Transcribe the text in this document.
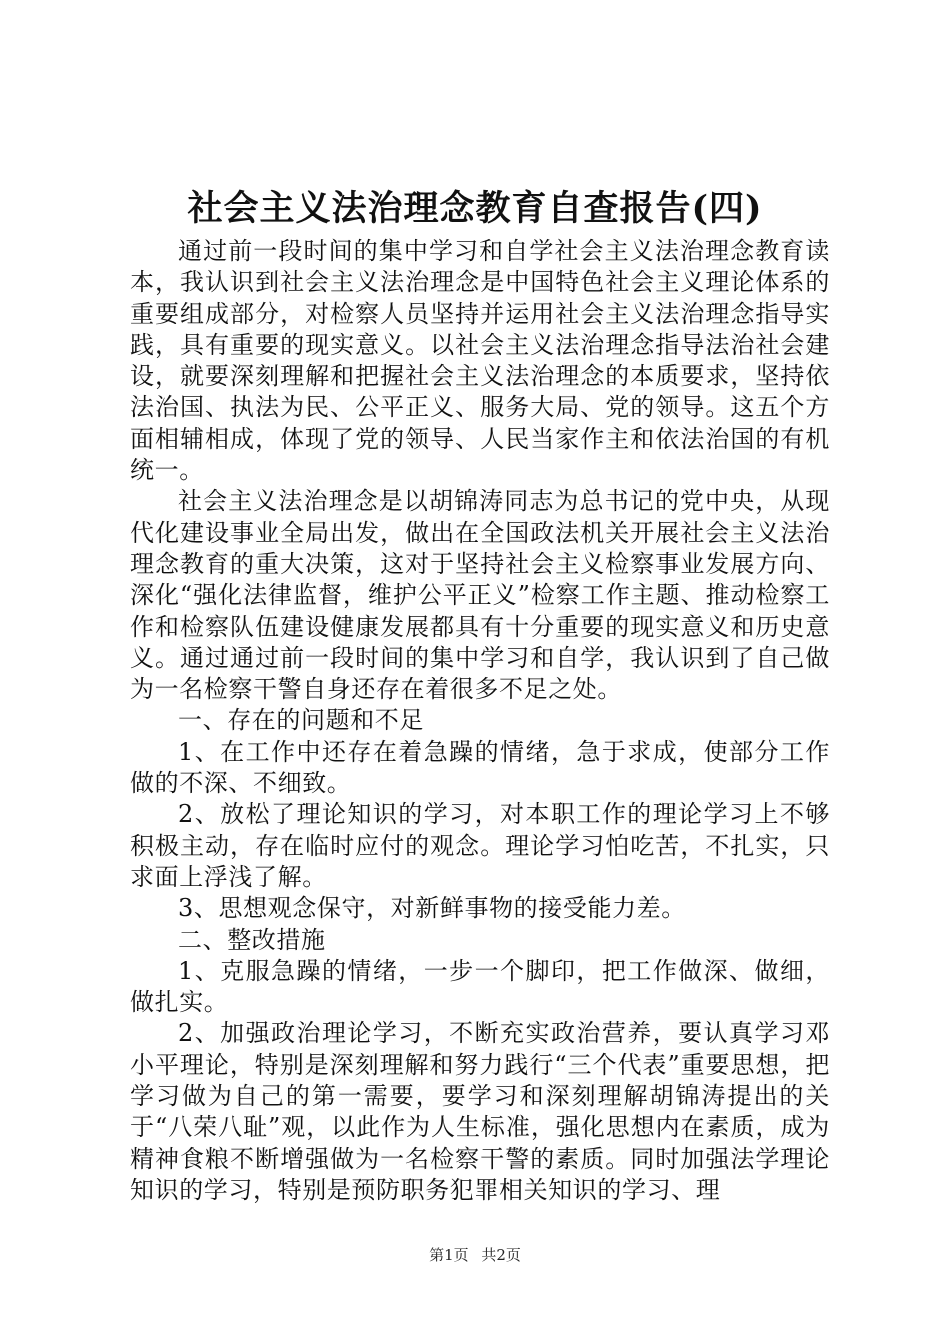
社会主义法治理念教育自查报告(四)

通过前一段时间的集中学习和自学社会主义法治理念教育读本，我认识到社会主义法治理念是中国特色社会主义理论体系的重要组成部分，对检察人员坚持并运用社会主义法治理念指导实践，具有重要的现实意义。以社会主义法治理念指导法治社会建设，就要深刻理解和把握社会主义法治理念的本质要求，坚持依法治国、执法为民、公平正义、服务大局、党的领导。这五个方面相辅相成，体现了党的领导、人民当家作主和依法治国的有机统一。

社会主义法治理念是以胡锦涛同志为总书记的党中央，从现代化建设事业全局出发，做出在全国政法机关开展社会主义法治理念教育的重大决策，这对于坚持社会主义检察事业发展方向、深化“强化法律监督，维护公平正义”检察工作主题、推动检察工作和检察队伍建设健康发展都具有十分重要的现实意义和历史意义。通过通过前一段时间的集中学习和自学，我认识到了自己做为一名检察干警自身还存在着很多不足之处。

一、存在的问题和不足

1、在工作中还存在着急躁的情绪，急于求成，使部分工作做的不深、不细致。

2、放松了理论知识的学习，对本职工作的理论学习上不够积极主动，存在临时应付的观念。理论学习怕吃苦，不扎实，只求面上浮浅了解。

3、思想观念保守，对新鲜事物的接受能力差。

二、整改措施

1、克服急躁的情绪，一步一个脚印，把工作做深、做细，做扎实。

2、加强政治理论学习，不断充实政治营养，要认真学习邓小平理论，特别是深刻理解和努力践行“三个代表”重要思想，把学习做为自己的第一需要，要学习和深刻理解胡锦涛提出的关于“八荣八耻”观，以此作为人生标准，强化思想内在素质，成为精神食粮不断增强做为一名检察干警的素质。同时加强法学理论知识的学习，特别是预防职务犯罪相关知识的学习、理

第1页 共2页
